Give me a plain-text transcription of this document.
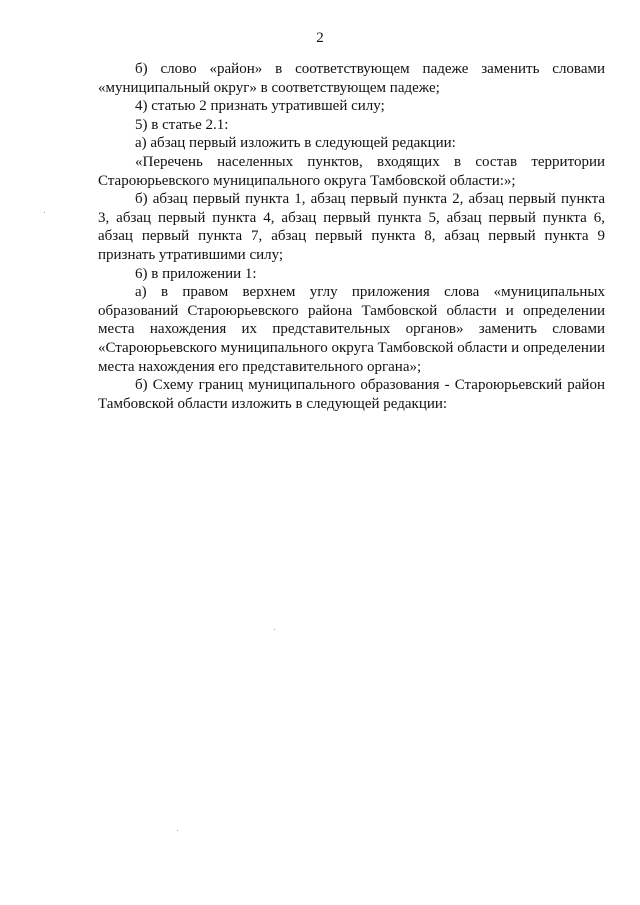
2

б) слово «район» в соответствующем падеже заменить словами «муниципальный округ» в соответствующем падеже;

4) статью 2 признать утратившей силу;

5) в статье 2.1:

а) абзац первый изложить в следующей редакции:

«Перечень населенных пунктов, входящих в состав территории Староюрьевского муниципального округа Тамбовской области:»;

б) абзац первый пункта 1, абзац первый пункта 2, абзац первый пункта 3, абзац первый пункта 4, абзац первый пункта 5, абзац первый пункта 6, абзац первый пункта 7, абзац первый пункта 8, абзац первый пункта 9 признать утратившими силу;

6) в приложении 1:

а) в правом верхнем углу приложения слова «муниципальных образований Староюрьевского района Тамбовской области и определении места нахождения их представительных органов» заменить словами «Староюрьевского муниципального округа Тамбовской области и определении места нахождения его представительного органа»;

б) Схему границ муниципального образования - Староюрьевский район Тамбовской области изложить в следующей редакции:
